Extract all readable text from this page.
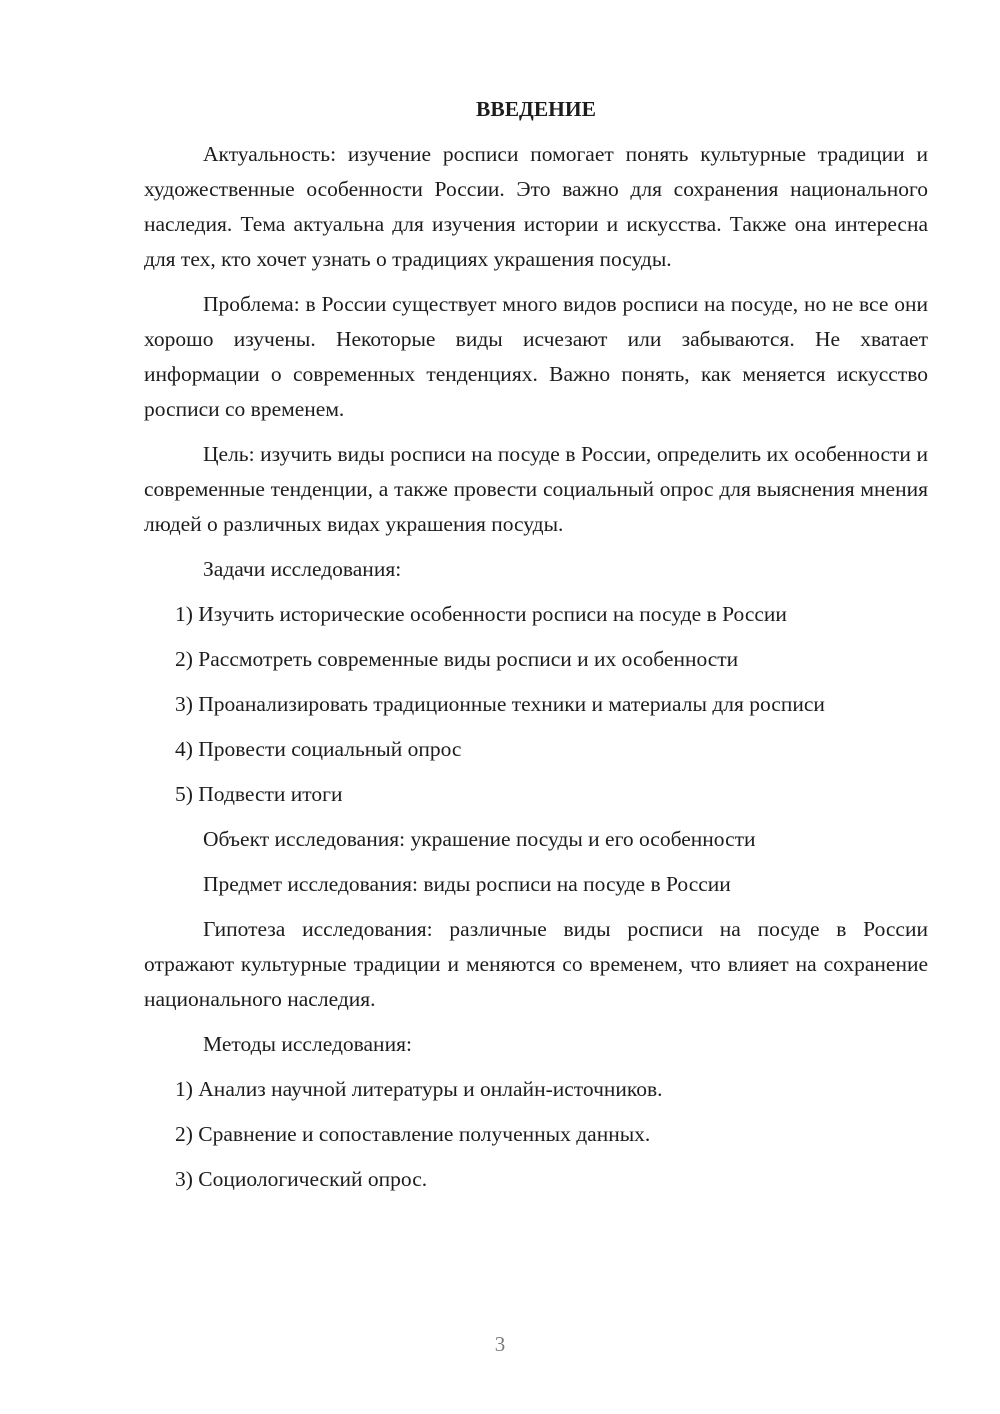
ВВЕДЕНИЕ

Актуальность: изучение росписи помогает понять культурные традиции и художественные особенности России. Это важно для сохранения национального наследия. Тема актуальна для изучения истории и искусства. Также она интересна для тех, кто хочет узнать о традициях украшения посуды.

Проблема: в России существует много видов росписи на посуде, но не все они хорошо изучены. Некоторые виды исчезают или забываются. Не хватает информации о современных тенденциях. Важно понять, как меняется искусство росписи со временем.

Цель: изучить виды росписи на посуде в России, определить их особенности и современные тенденции, а также провести социальный опрос для выяснения мнения людей о различных видах украшения посуды.

Задачи исследования:

1) Изучить исторические особенности росписи на посуде в России

2) Рассмотреть современные виды росписи и их особенности

3) Проанализировать традиционные техники и материалы для росписи

4) Провести социальный опрос

5) Подвести итоги

Объект исследования: украшение посуды и его особенности

Предмет исследования: виды росписи на посуде в России

Гипотеза исследования: различные виды росписи на посуде в России отражают культурные традиции и меняются со временем, что влияет на сохранение национального наследия.

Методы исследования:

1) Анализ научной литературы и онлайн-источников.

2) Сравнение и сопоставление полученных данных.

3) Социологический опрос.

3
